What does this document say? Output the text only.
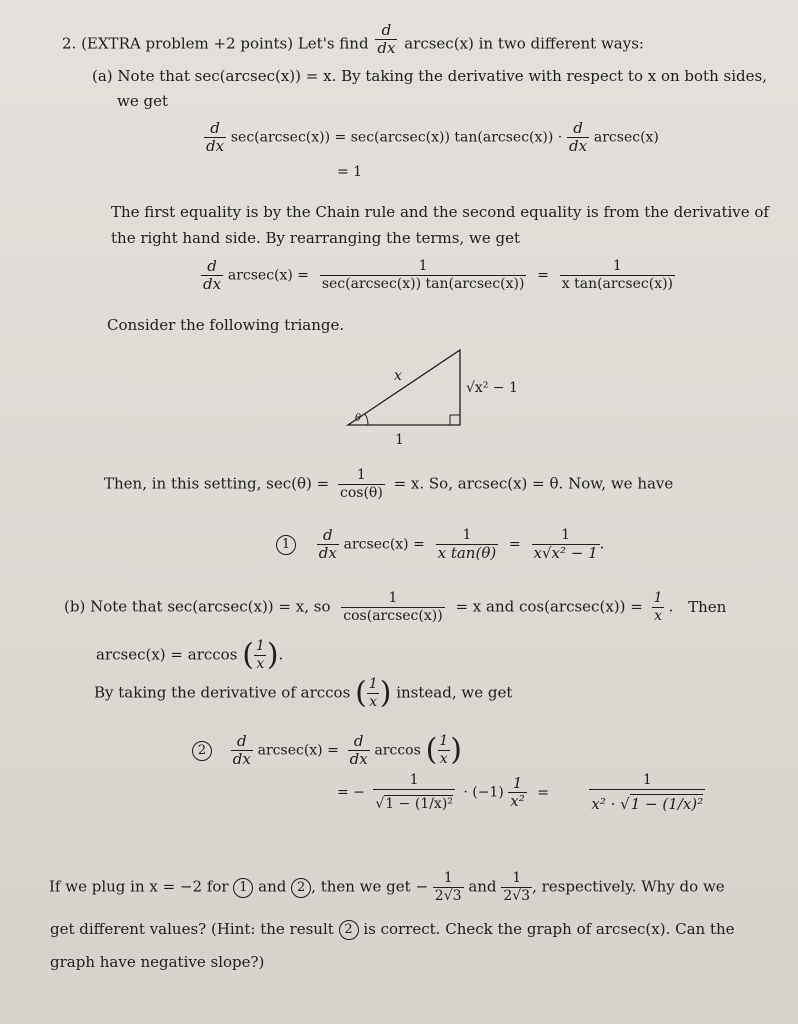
2. (EXTRA problem +2 points) Let's find $\frac{d}{dx} arcsec(x)$ in two different ways:
(a) Note that sec(arcsec(x)) = x. By taking the derivative with respect to x on both sides,
we get
$\frac{d}{dx} \sec(arcsec(x)) = \sec(arcsec(x)) \tan(arcsec(x)) \cdot \frac{d}{dx} arcsec(x)$
= 1
The first equality is by the Chain rule and the second equality is from the derivative of
the right hand side. By rearranging the terms, we get
$\frac{d}{dx} arcsec(x) = \frac{1}{\text{sec(arcsec(x)) tan(arcsec(x))}} = \frac{1}{\text{x tan(arcsec(x))}}$
Consider the following triange.
x
√x² − 1
1
θ
Then, in this setting, $\sec(\theta) = \frac{1}{\cos(\theta)} = x$. So, arcsec(x) = θ. Now, we have
$1 \frac{d}{dx} arcsec(x) = \frac{1}{\text{x tan(θ)}} = \frac{1}{\text{x√x² − 1}}$ .
(b) Note that sec(arcsec(x)) = x, so $\frac{1}{\text{cos(arcsec(x))}} = x$ and $\cos(arcsec(x)) = \frac{1}{x}$ . Then
arcsec(x) = arccos ( $\frac{1}{x}$ ).
By taking the derivative of arccos ( $\frac{1}{x}$ ) instead, we get
$2 \frac{d}{dx} arcsec(x) = \frac{d}{dx}$ arccos ( $\frac{1}{x}$ )
= − $\frac{1}{\text{√1 − (1/x)²}} \cdot (-1) \frac{1}{\text{x²}}$ =	$\frac{1}{\text{x² · √1 − (1/x)²}}$
If we plug in x = −2 for 1 and 2 , then we get − $\frac{1}{2√3}$ and $\frac{1}{2√3}$ , respectively. Why do we
get different values? (Hint: the result 2 is correct. Check the graph of arcsec(x). Can the
graph have negative slope?)
